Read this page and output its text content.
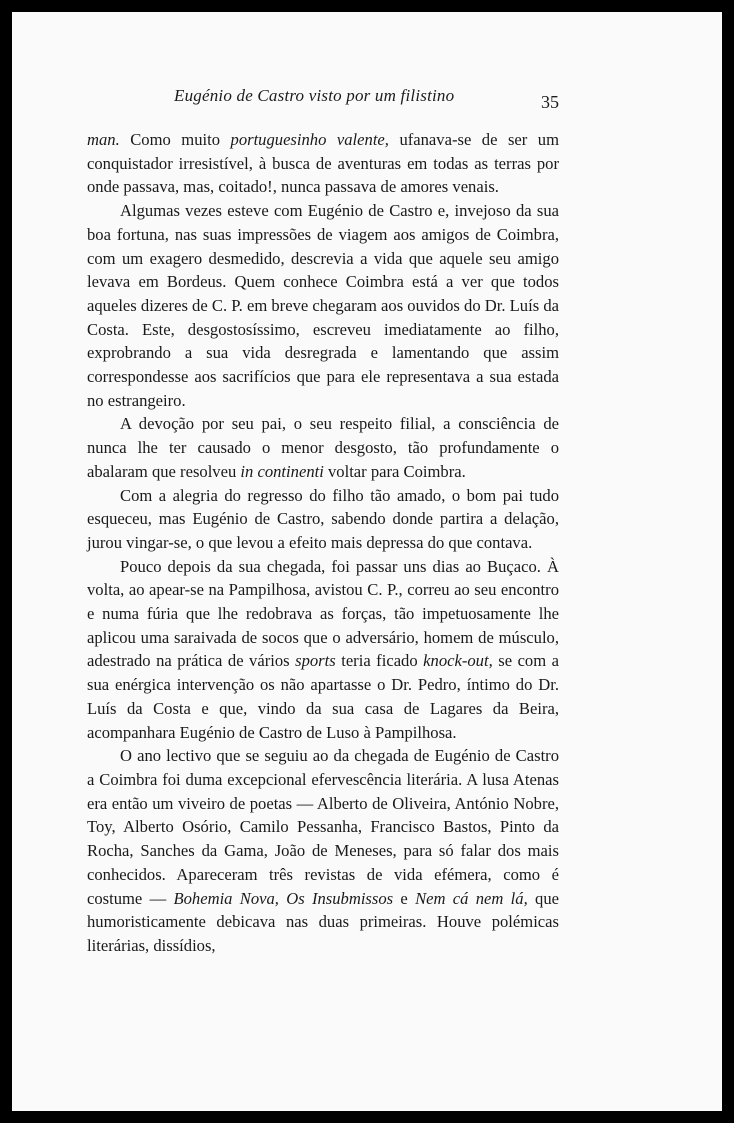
Eugénio de Castro visto por um filistino	35

man. Como muito portuguesinho valente, ufanava-se de ser um conquistador irresistível, à busca de aventuras em todas as terras por onde passava, mas, coitado!, nunca passava de amores venais.

Algumas vezes esteve com Eugénio de Castro e, invejoso da sua boa fortuna, nas suas impressões de viagem aos amigos de Coimbra, com um exagero desmedido, descrevia a vida que aquele seu amigo levava em Bordeus. Quem conhece Coimbra está a ver que todos aqueles dizeres de C. P. em breve chegaram aos ouvidos do Dr. Luís da Costa. Este, desgostosíssimo, escreveu imediatamente ao filho, exprobrando a sua vida desregrada e lamentando que assim correspondesse aos sacrifícios que para ele representava a sua estada no estrangeiro.

A devoção por seu pai, o seu respeito filial, a consciência de nunca lhe ter causado o menor desgosto, tão profundamente o abalaram que resolveu in continenti voltar para Coimbra.

Com a alegria do regresso do filho tão amado, o bom pai tudo esqueceu, mas Eugénio de Castro, sabendo donde partira a delação, jurou vingar-se, o que levou a efeito mais depressa do que contava.

Pouco depois da sua chegada, foi passar uns dias ao Buçaco. À volta, ao apear-se na Pampilhosa, avistou C. P., correu ao seu encontro e numa fúria que lhe redobrava as forças, tão impetuosamente lhe aplicou uma saraivada de socos que o adversário, homem de músculo, adestrado na prática de vários sports teria ficado knock-out, se com a sua enérgica intervenção os não apartasse o Dr. Pedro, íntimo do Dr. Luís da Costa e que, vindo da sua casa de Lagares da Beira, acompanhara Eugénio de Castro de Luso à Pampilhosa.

O ano lectivo que se seguiu ao da chegada de Eugénio de Castro a Coimbra foi duma excepcional efervescência literária. A lusa Atenas era então um viveiro de poetas — Alberto de Oliveira, António Nobre, Toy, Alberto Osório, Camilo Pessanha, Francisco Bastos, Pinto da Rocha, Sanches da Gama, João de Meneses, para só falar dos mais conhecidos. Apareceram três revistas de vida efémera, como é costume — Bohemia Nova, Os Insubmissos e Nem cá nem lá, que humoristicamente debicava nas duas primeiras. Houve polémicas literárias, dissídios,
